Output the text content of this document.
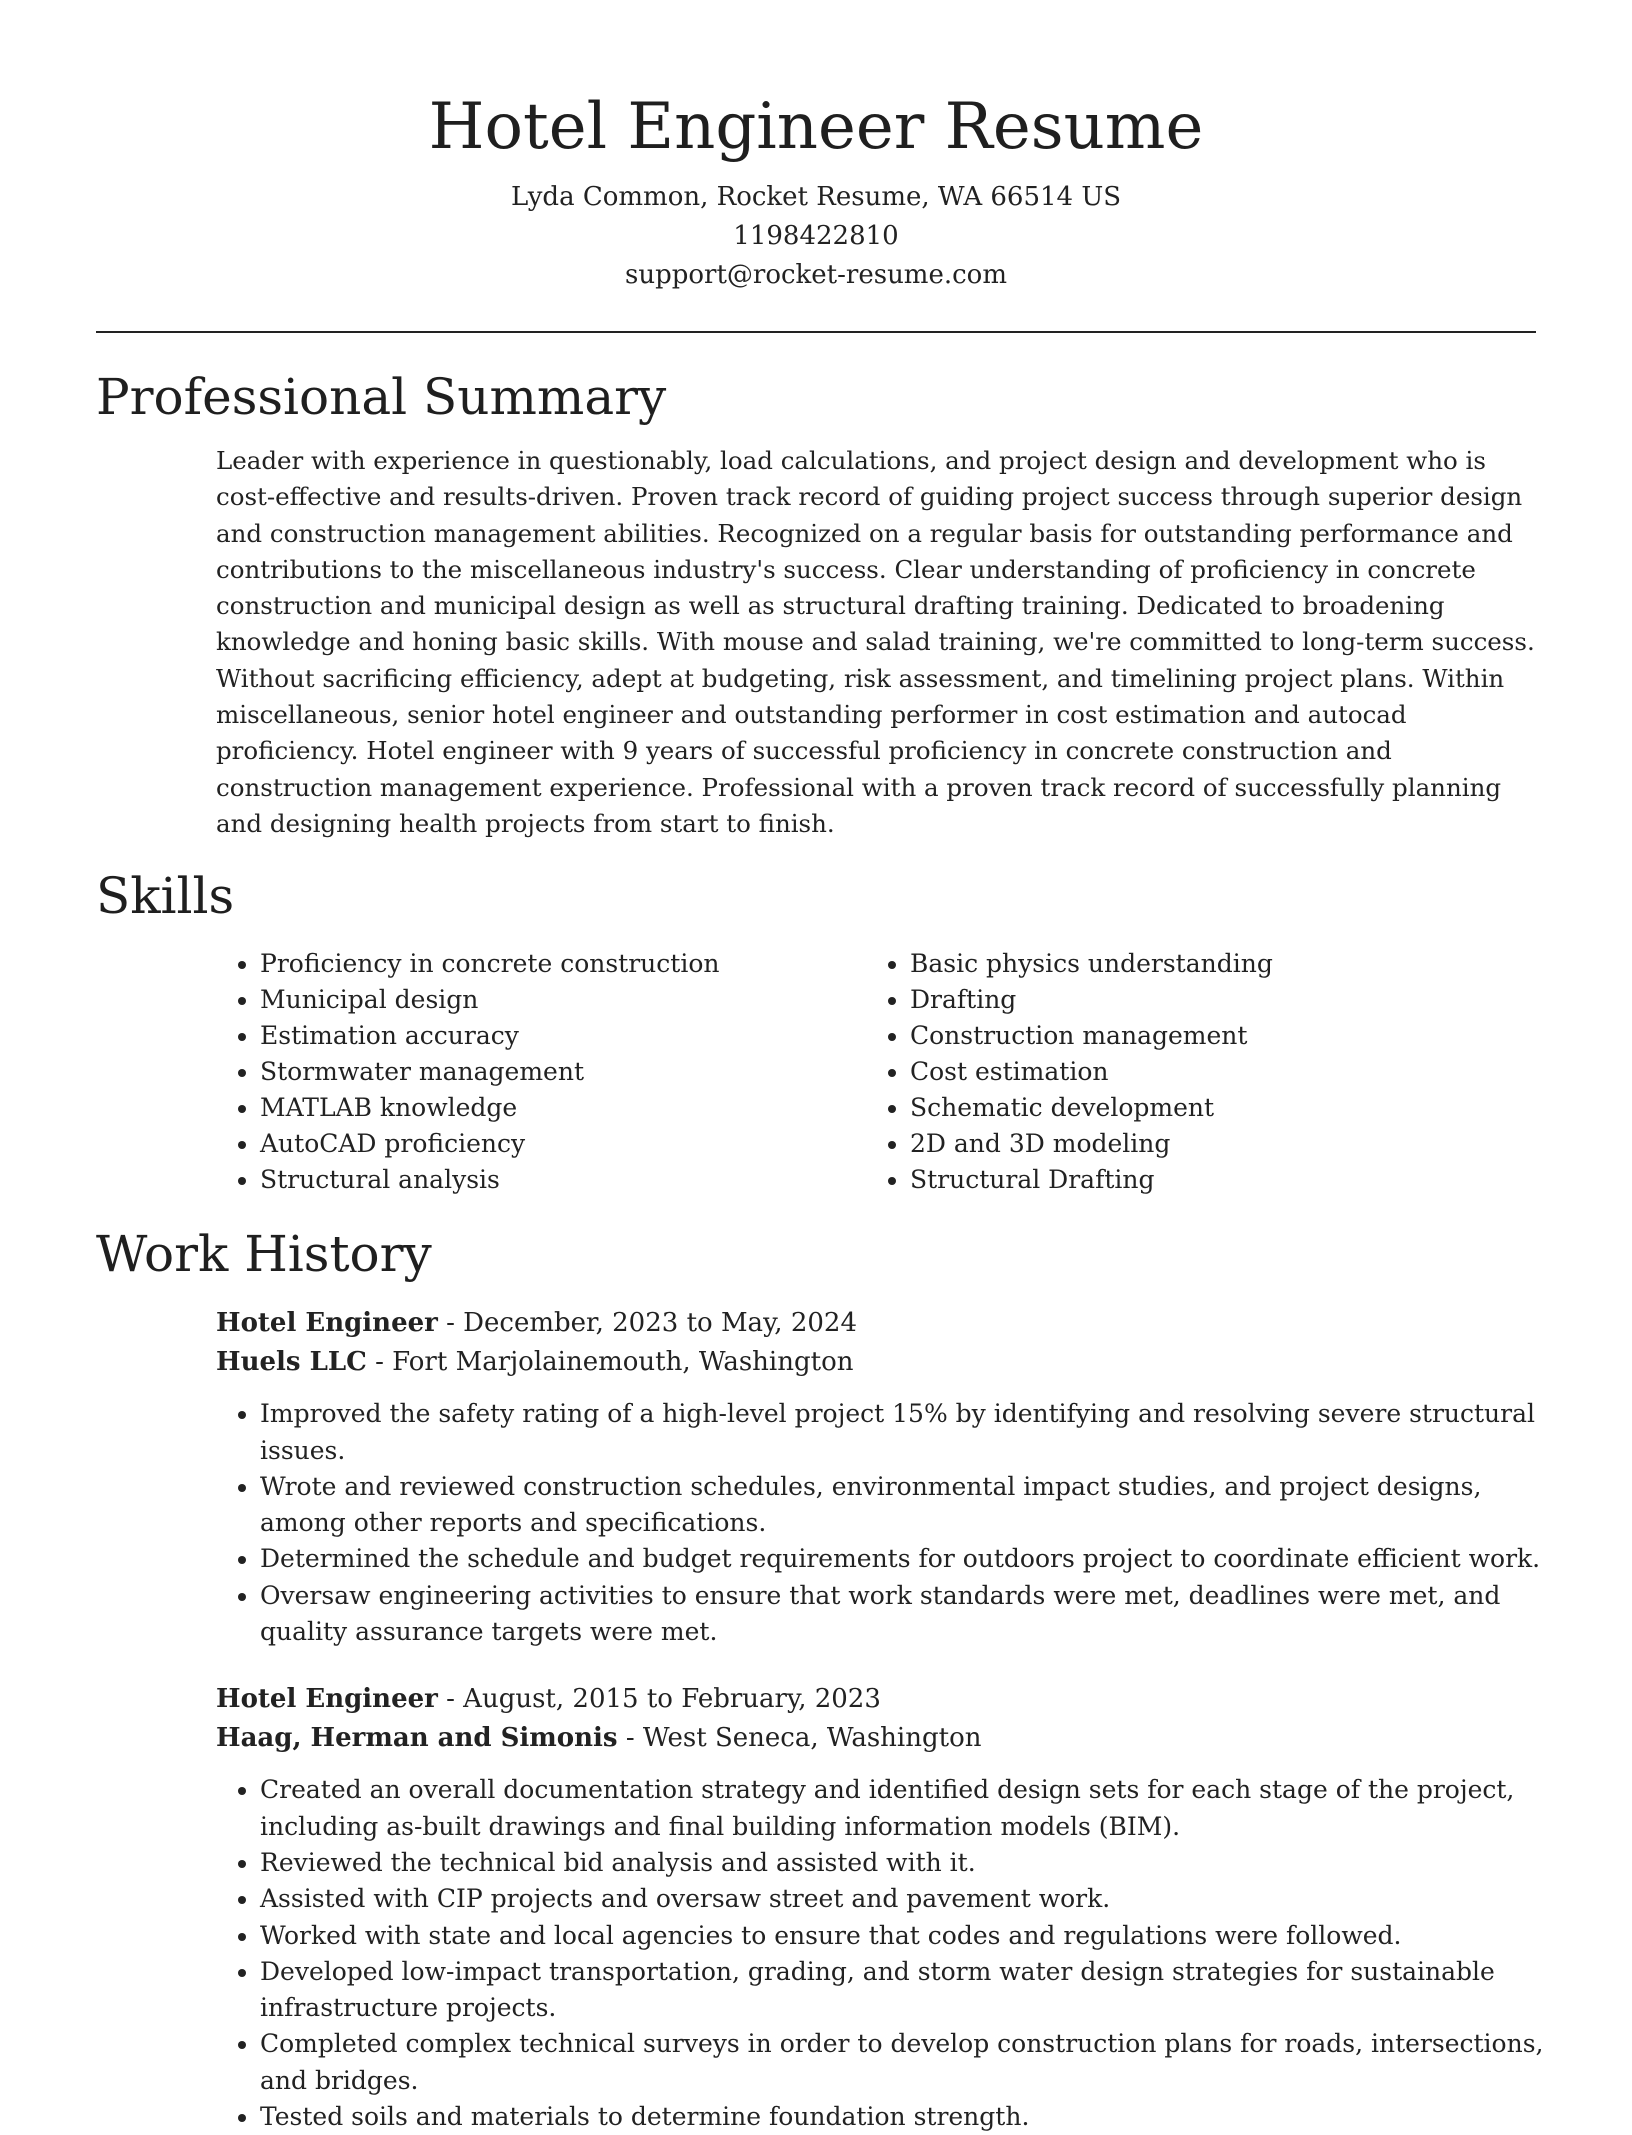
Hotel Engineer Resume
Lyda Common, Rocket Resume, WA 66514 US
1198422810
support@rocket-resume.com
Professional Summary

Leader with experience in questionably, load calculations, and project design and development who is cost-effective and results-driven. Proven track record of guiding project success through superior design and construction management abilities. Recognized on a regular basis for outstanding performance and contributions to the miscellaneous industry's success. Clear understanding of proficiency in concrete construction and municipal design as well as structural drafting training. Dedicated to broadening knowledge and honing basic skills. With mouse and salad training, we're committed to long-term success. Without sacrificing efficiency, adept at budgeting, risk assessment, and timelining project plans. Within miscellaneous, senior hotel engineer and outstanding performer in cost estimation and autocad proficiency. Hotel engineer with 9 years of successful proficiency in concrete construction and construction management experience. Professional with a proven track record of successfully planning and designing health projects from start to finish.

Skills
• Proficiency in concrete construction
• Municipal design
• Estimation accuracy
• Stormwater management
• MATLAB knowledge
• AutoCAD proficiency
• Structural analysis
• Basic physics understanding
• Drafting
• Construction management
• Cost estimation
• Schematic development
• 2D and 3D modeling
• Structural Drafting
Work History
Hotel Engineer - December, 2023 to May, 2024
Huels LLC - Fort Marjolainemouth, Washington
• Improved the safety rating of a high-level project 15% by identifying and resolving severe structural issues.
• Wrote and reviewed construction schedules, environmental impact studies, and project designs, among other reports and specifications.
• Determined the schedule and budget requirements for outdoors project to coordinate efficient work.
• Oversaw engineering activities to ensure that work standards were met, deadlines were met, and quality assurance targets were met.
Hotel Engineer - August, 2015 to February, 2023
Haag, Herman and Simonis - West Seneca, Washington
• Created an overall documentation strategy and identified design sets for each stage of the project, including as-built drawings and final building information models (BIM).
• Reviewed the technical bid analysis and assisted with it.
• Assisted with CIP projects and oversaw street and pavement work.
• Worked with state and local agencies to ensure that codes and regulations were followed.
• Developed low-impact transportation, grading, and storm water design strategies for sustainable infrastructure projects.
• Completed complex technical surveys in order to develop construction plans for roads, intersections, and bridges.
• Tested soils and materials to determine foundation strength.
